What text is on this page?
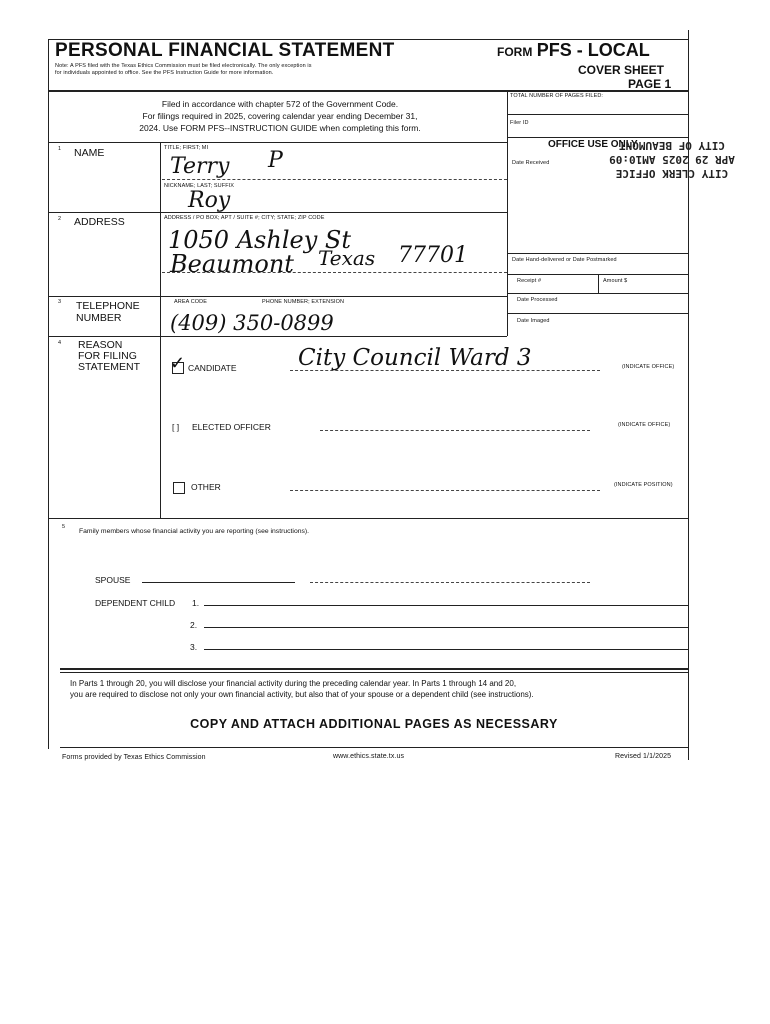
PERSONAL FINANCIAL STATEMENT
Note: A PFS filed with the Texas Ethics Commission must be filed electronically. The only exception is
for individuals appointed to office. See the PFS Instruction Guide for more information.
FORM PFS - LOCAL
COVER SHEET
PAGE 1
Filed in accordance with chapter 572 of the Government Code.
For filings required in 2025, covering calendar year ending December 31,
2024. Use FORM PFS--INSTRUCTION GUIDE when completing this form.
TOTAL NUMBER OF PAGES FILED:
Filer ID
OFFICE USE ONLY
Date Received
CITY CLERK OFFICE
APR 29 2025 AM10:09
CITY OF BEAUMONT
Date Hand-delivered or Date Postmarked
Receipt #	Amount $
Date Processed
Date Imaged
1 NAME	TITLE; FIRST; MI
Terry P
NICKNAME; LAST; SUFFIX
Roy
2 ADDRESS	ADDRESS / PO BOX; APT / SUITE #; CITY; STATE; ZIP CODE
1050 Ashley St
Beaumont Texas 77701
3 TELEPHONE
NUMBER
AREA CODE	PHONE NUMBER; EXTENSION
(409) 350-0899
4 REASON
FOR FILING
STATEMENT ✓ CANDIDATE	City Council Ward 3	(INDICATE OFFICE)
[ ] ELECTED OFFICER	(INDICATE OFFICE)
OTHER	(INDICATE POSITION)
5
Family members whose financial activity you are reporting (see instructions).
SPOUSE
DEPENDENT CHILD 1.
2.
3.
In Parts 1 through 20, you will disclose your financial activity during the preceding calendar year. In Parts 1 through 14 and 20,
you are required to disclose not only your own financial activity, but also that of your spouse or a dependent child (see instructions).
COPY AND ATTACH ADDITIONAL PAGES AS NECESSARY
Forms provided by Texas Ethics Commission	www.ethics.state.tx.us	Revised 1/1/2025
